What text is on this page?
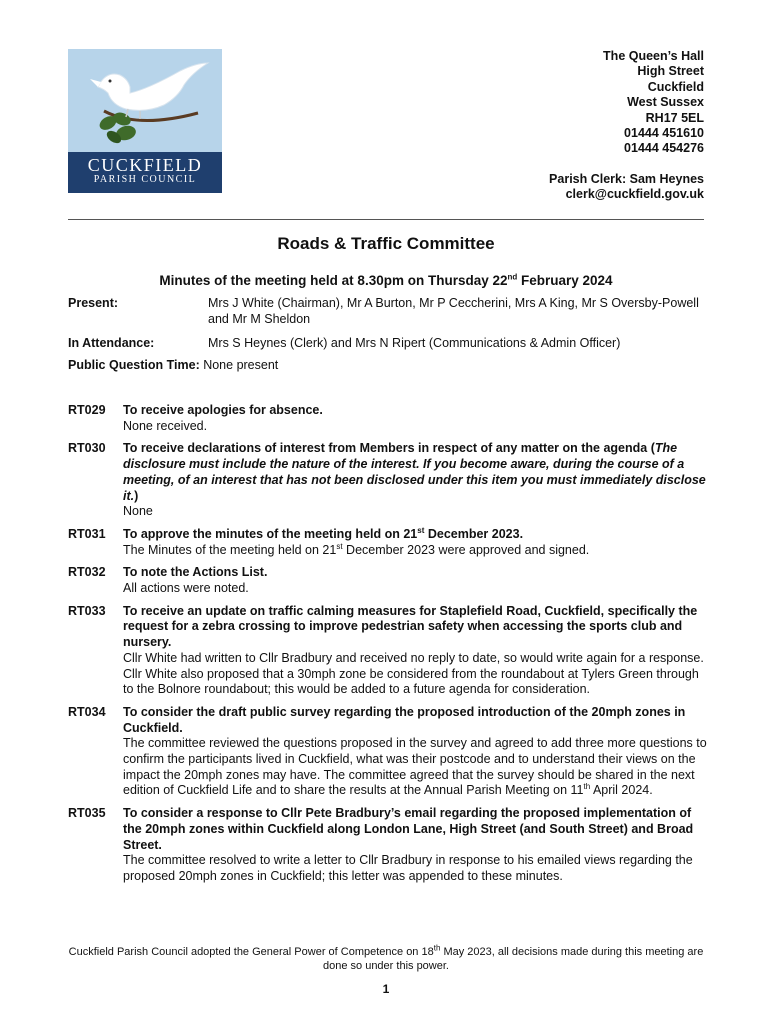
CUCKFIELD
PARISH COUNCIL
The Queen’s Hall
High Street
Cuckfield
West Sussex
RH17 5EL
01444 451610
01444 454276
Parish Clerk: Sam Heynes
clerk@cuckfield.gov.uk
Roads & Traffic Committee
Minutes of the meeting held at 8.30pm on Thursday 22nd February 2024
Present:	Mrs J White (Chairman), Mr A Burton, Mr P Ceccherini, Mrs A King, Mr S Oversby-Powell and Mr M Sheldon
In Attendance:	Mrs S Heynes (Clerk) and Mrs N Ripert (Communications & Admin Officer)
Public Question Time: None present
RT029 To receive apologies for absence.
None received.
RT030 To receive declarations of interest from Members in respect of any matter on the agenda (The disclosure must include the nature of the interest. If you become aware, during the course of a meeting, of an interest that has not been disclosed under this item you must immediately disclose it.)
None
RT031 To approve the minutes of the meeting held on 21st December 2023.
The Minutes of the meeting held on 21st December 2023 were approved and signed.
RT032 To note the Actions List.
All actions were noted.
RT033 To receive an update on traffic calming measures for Staplefield Road, Cuckfield, specifically the request for a zebra crossing to improve pedestrian safety when accessing the sports club and nursery.
Cllr White had written to Cllr Bradbury and received no reply to date, so would write again for a response. Cllr White also proposed that a 30mph zone be considered from the roundabout at Tylers Green through to the Bolnore roundabout; this would be added to a future agenda for consideration.
RT034 To consider the draft public survey regarding the proposed introduction of the 20mph zones in Cuckfield.
The committee reviewed the questions proposed in the survey and agreed to add three more questions to confirm the participants lived in Cuckfield, what was their postcode and to understand their views on the impact the 20mph zones may have. The committee agreed that the survey should be shared in the next edition of Cuckfield Life and to share the results at the Annual Parish Meeting on 11th April 2024.
RT035 To consider a response to Cllr Pete Bradbury’s email regarding the proposed implementation of the 20mph zones within Cuckfield along London Lane, High Street (and South Street) and Broad Street.
The committee resolved to write a letter to Cllr Bradbury in response to his emailed views regarding the proposed 20mph zones in Cuckfield; this letter was appended to these minutes.
Cuckfield Parish Council adopted the General Power of Competence on 18th May 2023, all decisions made during this meeting are done so under this power.
1
